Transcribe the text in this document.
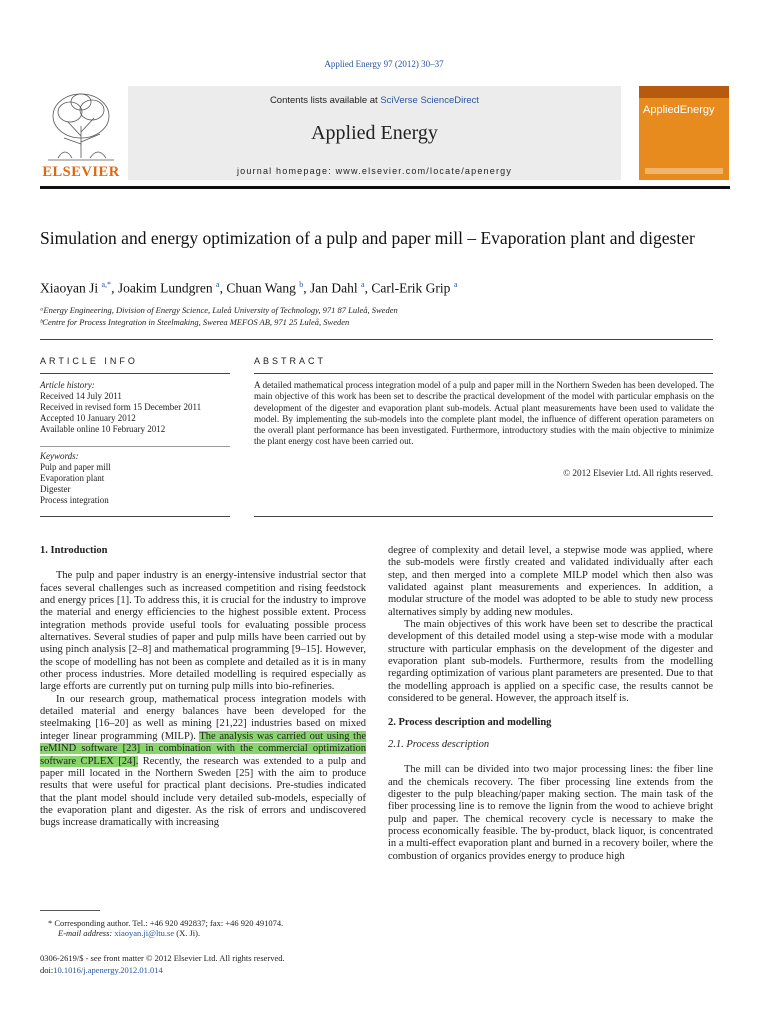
Applied Energy 97 (2012) 30–37
Contents lists available at SciVerse ScienceDirect
Applied Energy
journal homepage: www.elsevier.com/locate/apenergy
ELSEVIER
AppliedEnergy
Simulation and energy optimization of a pulp and paper mill – Evaporation plant and digester
Xiaoyan Ji $^{a,*}$, Joakim Lundgren $^a$, Chuan Wang $^b$, Jan Dahl $^a$, Carl-Erik Grip $^a$
ᵃEnergy Engineering, Division of Energy Science, Luleå University of Technology, 971 87 Luleå, Sweden
ᵇCentre for Process Integration in Steelmaking, Swerea MEFOS AB, 971 25 Luleå, Sweden
ARTICLE INFO	ABSTRACT
Article history:
Received 14 July 2011
Received in revised form 15 December 2011
Accepted 10 January 2012
Available online 10 February 2012
Keywords:
Pulp and paper mill
Evaporation plant
Digester
Process integration
A detailed mathematical process integration model of a pulp and paper mill in the Northern Sweden has been developed. The main objective of this work has been set to describe the practical development of the model with particular emphasis on the development of the digester and evaporation plant sub-models. Actual plant measurements have been used to validate the model. By implementing the sub-models into the complete plant model, the influence of different operation parameters on the overall plant performance has been investigated. Furthermore, introductory studies with the main objective to minimize the plant energy cost have been carried out.
© 2012 Elsevier Ltd. All rights reserved.
1. Introduction

The pulp and paper industry is an energy-intensive industrial sector that faces several challenges such as increased competition and rising feedstock and energy prices [1]. To address this, it is crucial for the industry to improve the material and energy efficiencies to the highest possible extent. Process integration methods provide useful tools for evaluating possible process alternatives. Several studies of paper and pulp mills have been carried out by using pinch analysis [2–8] and mathematical programming [9–15]. However, the scope of modelling has not been as complete and detailed as it is in many other process industries. More detailed modelling is required especially as large efforts are currently put on turning pulp mills into bio-refineries.

In our research group, mathematical process integration models with detailed material and energy balances have been developed for the steelmaking [16–20] as well as mining [21,22] industries based on mixed integer linear programming (MILP). The analysis was carried out using the reMIND software [23] in combination with the commercial optimization software CPLEX [24]. Recently, the research was extended to a pulp and paper mill located in the Northern Sweden [25] with the aim to produce results that were useful for practical plant decisions. Pre-studies indicated that the plant model should include very detailed sub-models, especially of the evaporation plant and digester. As the risk of errors and undiscovered bugs increase dramatically with increasing

degree of complexity and detail level, a stepwise mode was applied, where the sub-models were firstly created and validated individually after each step, and then merged into a complete MILP model which then also was validated against plant measurements and experiences. In addition, a modular structure of the model was adopted to be able to study new process alternatives simply by adding new modules.

The main objectives of this work have been set to describe the practical development of this detailed model using a step-wise mode with a modular structure with particular emphasis on the development of the digester and evaporation plant sub-models. Furthermore, results from the modelling regarding optimization of various plant parameters are presented. Due to that the modelling approach is applied on a specific case, the results cannot be considered to be general. However, the approach itself is.

2. Process description and modelling
2.1. Process description

The mill can be divided into two major processing lines: the fiber line and the chemicals recovery. The fiber processing line extends from the digester to the pulp bleaching/paper making section. The main task of the fiber processing line is to remove the lignin from the wood to achieve bright pulp and paper. The chemical recovery cycle is necessary to make the process economically feasible. The by-product, black liquor, is concentrated in a multi-effect evaporation plant and burned in a recovery boiler, where the combustion of organics provides energy to produce high

* Corresponding author. Tel.: +46 920 492837; fax: +46 920 491074.
E-mail address: xiaoyan.ji@ltu.se (X. Ji).
0306-2619/$ - see front matter © 2012 Elsevier Ltd. All rights reserved.
doi:10.1016/j.apenergy.2012.01.014
